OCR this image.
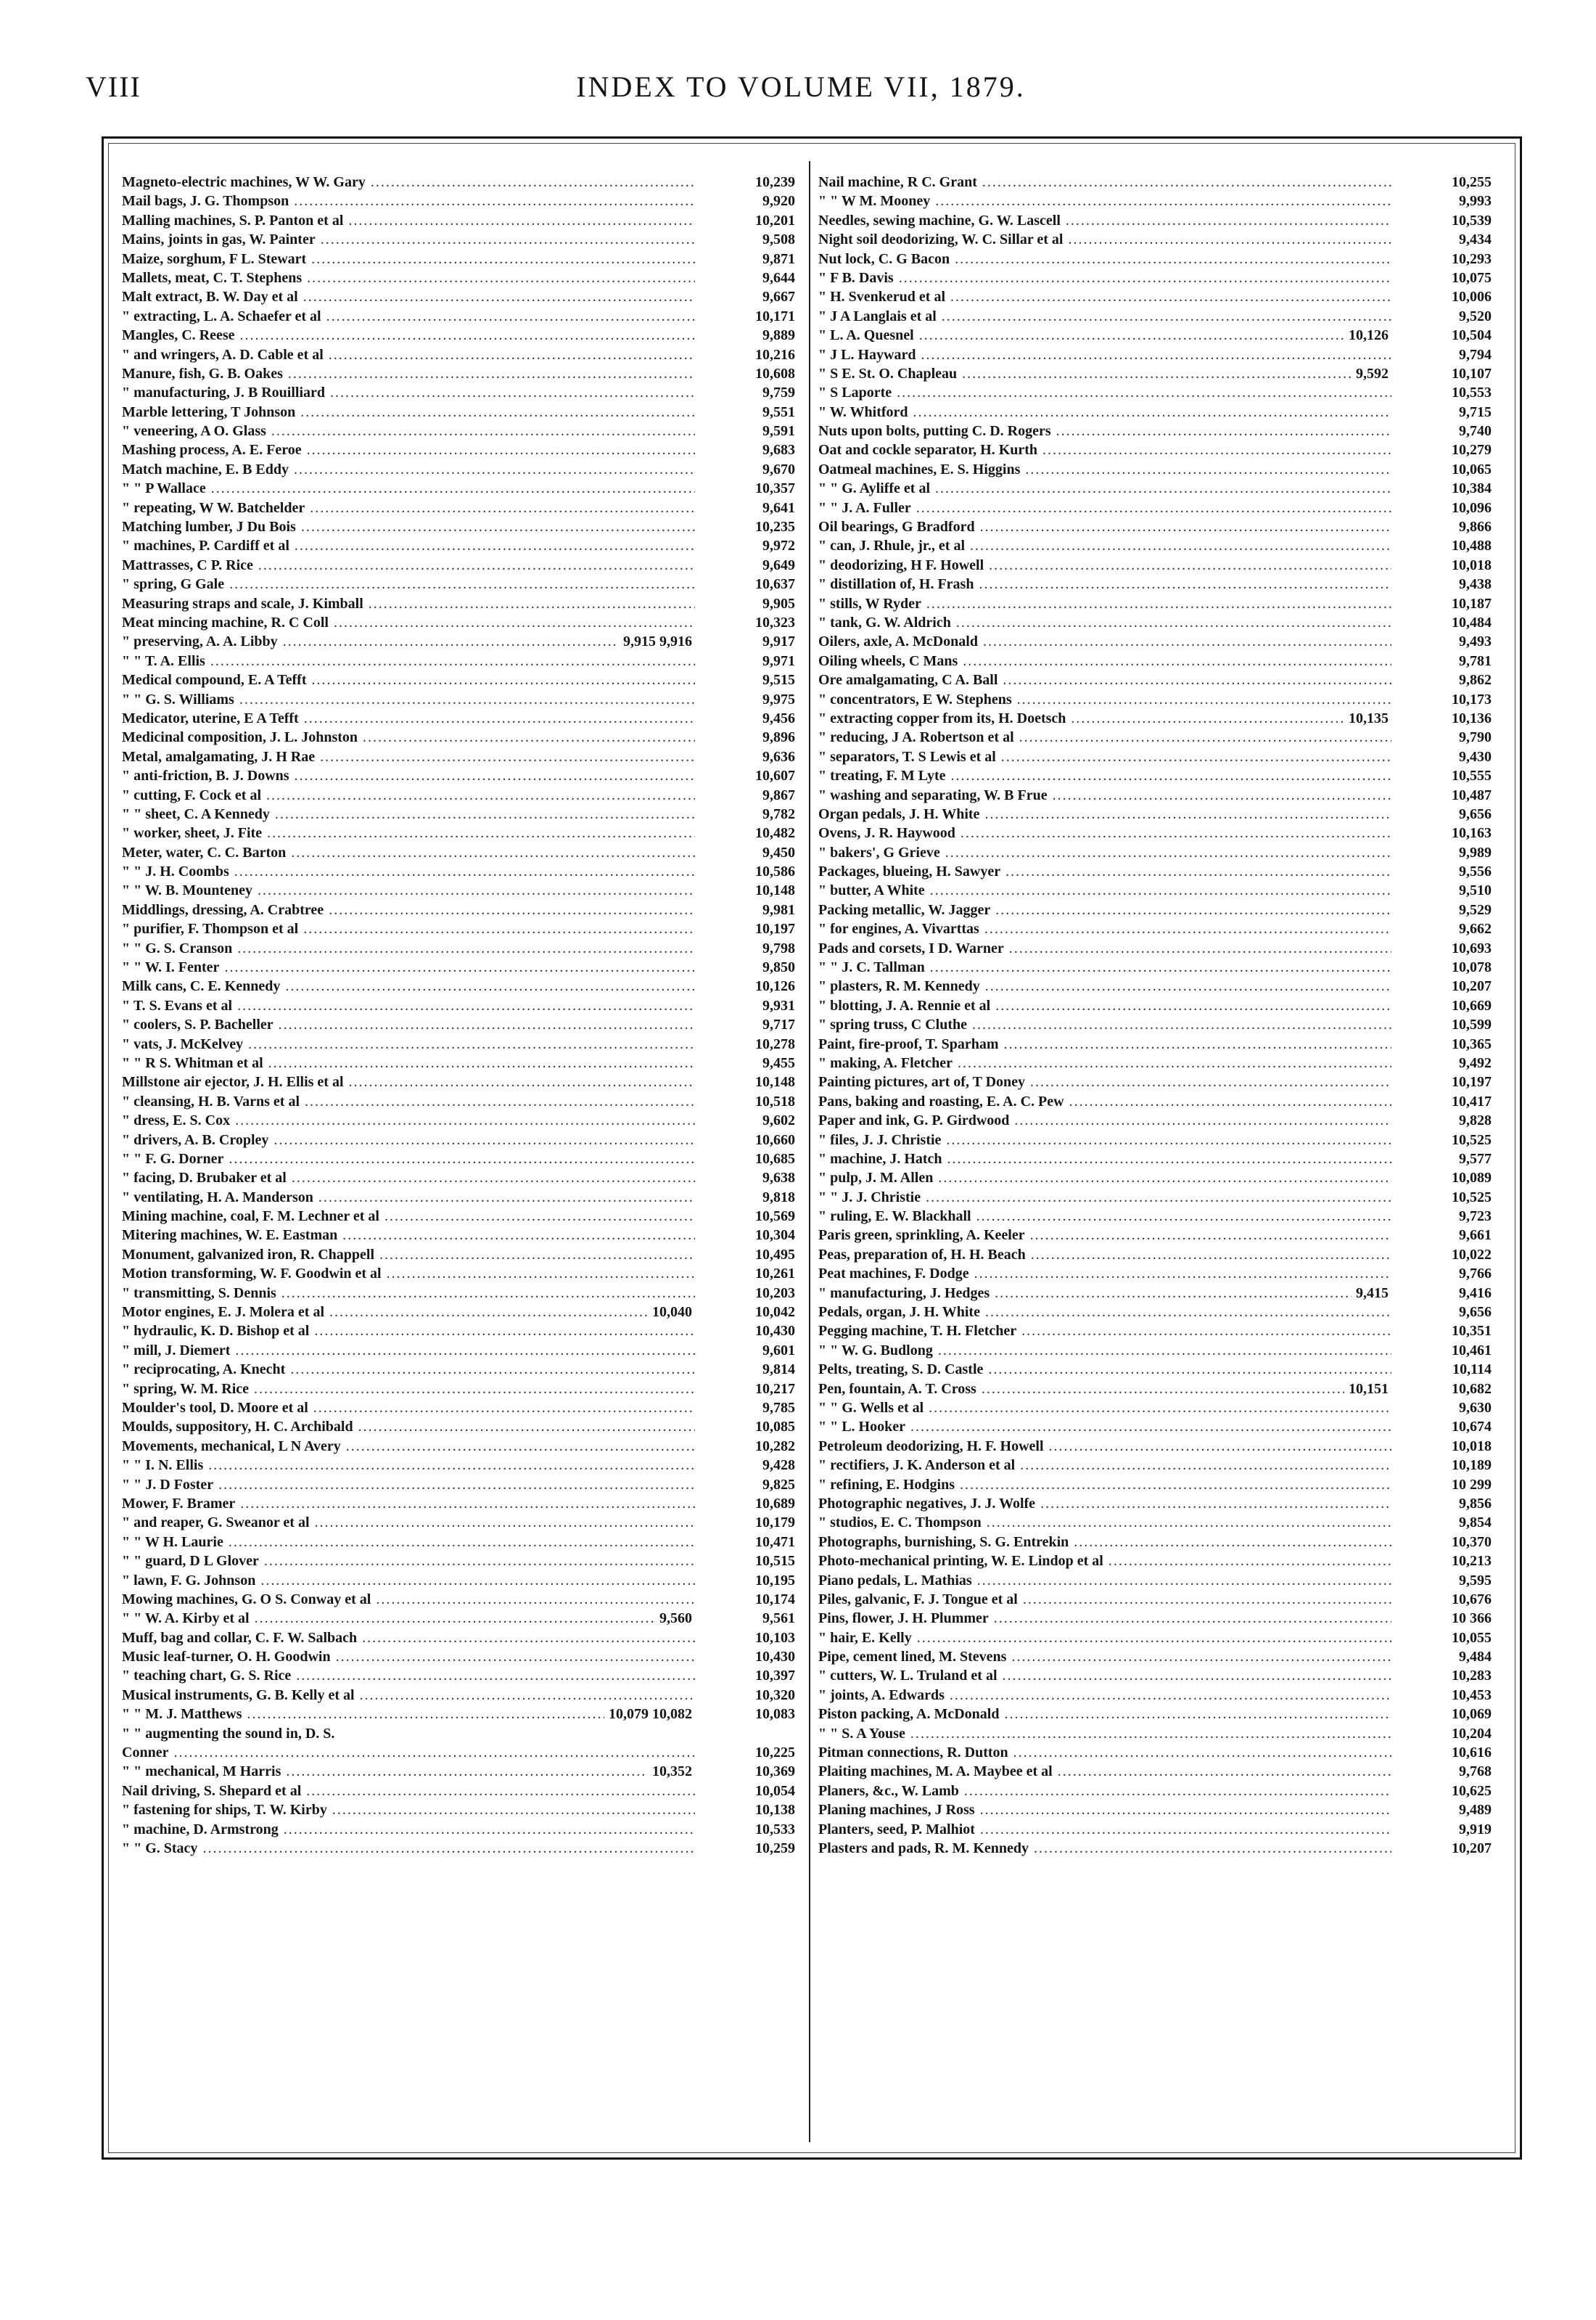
VIII	INDEX TO VOLUME VII, 1879.
Magneto-electric machines, W W. Gary .....	10,239
Mail bags, J. G. Thompson .....	9,920
Malling machines, S. P. Panton et al .....	10,201
Mains, joints in gas, W. Painter .....	9,508
Maize, sorghum, F L. Stewart .....	9,871
Mallets, meat, C. T. Stephens .....	9,644
Malt extract, B. W. Day et al .....	9,667
" extracting, L. A. Schaefer et al .....	10,171
Mangles, C. Reese .....	9,889
" and wringers, A. D. Cable et al .....	10,216
Manure, fish, G. B. Oakes .....	10,608
" manufacturing, J. B Rouilliard .....	9,759
Marble lettering, T Johnson .....	9,551
" veneering, A O. Glass .....	9,591
Mashing process, A. E. Feroe .....	9,683
Match machine, E. B Eddy .....	9,670
" " P Wallace .....	10,357
" repeating, W W. Batchelder .....	9,641
Matching lumber, J Du Bois .....	10,235
" machines, P. Cardiff et al .....	9,972
Mattrasses, C P. Rice .....	9,649
" spring, G Gale .....	10,637
Measuring straps and scale, J. Kimball .....	9,905
Meat mincing machine, R. C Coll .....	10,323
" preserving, A. A. Libby .....	9,915 9,916	9,917
" " T. A. Ellis .....	9,971
Medical compound, E. A Tefft .....	9,515
" " G. S. Williams .....	9,975
Medicator, uterine, E A Tefft .....	9,456
Medicinal composition, J. L. Johnston .....	9,896
Metal, amalgamating, J. H Rae .....	9,636
" anti-friction, B. J. Downs .....	10,607
" cutting, F. Cock et al .....	9,867
" " sheet, C. A Kennedy .....	9,782
" worker, sheet, J. Fite .....	10,482
Meter, water, C. C. Barton .....	9,450
" " J. H. Coombs .....	10,586
" " W. B. Mounteney .....	10,148
Middlings, dressing, A. Crabtree .....	9,981
" purifier, F. Thompson et al .....	10,197
" " G. S. Cranson .....	9,798
" " W. I. Fenter .....	9,850
Milk cans, C. E. Kennedy .....	10,126
" T. S. Evans et al .....	9,931
" coolers, S. P. Bacheller .....	9,717
" vats, J. McKelvey .....	10,278
" " R S. Whitman et al .....	9,455
Millstone air ejector, J. H. Ellis et al .....	10,148
" cleansing, H. B. Varns et al .....	10,518
" dress, E. S. Cox .....	9,602
" drivers, A. B. Cropley .....	10,660
" " F. G. Dorner .....	10,685
" facing, D. Brubaker et al .....	9,638
" ventilating, H. A. Manderson .....	9,818
Mining machine, coal, F. M. Lechner et al .....	10,569
Mitering machines, W. E. Eastman .....	10,304
Monument, galvanized iron, R. Chappell .....	10,495
Motion transforming, W. F. Goodwin et al .....	10,261
" transmitting, S. Dennis .....	10,203
Motor engines, E. J. Molera et al .....	10,040	10,042
" hydraulic, K. D. Bishop et al .....	10,430
" mill, J. Diemert .....	9,601
" reciprocating, A. Knecht .....	9,814
" spring, W. M. Rice .....	10,217
Moulder's tool, D. Moore et al .....	9,785
Moulds, suppository, H. C. Archibald .....	10,085
Movements, mechanical, L N Avery .....	10,282
" " I. N. Ellis .....	9,428
" " J. D Foster .....	9,825
Mower, F. Bramer .....	10,689
" and reaper, G. Sweanor et al .....	10,179
" " W H. Laurie .....	10,471
" " guard, D L Glover .....	10,515
" lawn, F. G. Johnson .....	10,195
Mowing machines, G. O S. Conway et al .....	10,174
" " W. A. Kirby et al .....	9,560	9,561
Muff, bag and collar, C. F. W. Salbach .....	10,103
Music leaf-turner, O. H. Goodwin .....	10,430
" teaching chart, G. S. Rice .....	10,397
Musical instruments, G. B. Kelly et al .....	10,320
" " M. J. Matthews .....	10,079 10,082	10,083
" " augmenting the sound in, D. S.
Conner .....	10,225
" " mechanical, M Harris .....	10,352	10,369
Nail driving, S. Shepard et al .....	10,054
" fastening for ships, T. W. Kirby .....	10,138
" machine, D. Armstrong .....	10,533
" " G. Stacy .....	10,259
Nail machine, R C. Grant .....	10,255
" " W M. Mooney .....	9,993
Needles, sewing machine, G. W. Lascell .....	10,539
Night soil deodorizing, W. C. Sillar et al .....	9,434
Nut lock, C. G Bacon .....	10,293
" F B. Davis .....	10,075
" H. Svenkerud et al .....	10,006
" J A Langlais et al .....	9,520
" L. A. Quesnel .....	10,126	10,504
" J L. Hayward .....	9,794
" S E. St. O. Chapleau .....	9,592	10,107
" S Laporte .....	10,553
" W. Whitford .....	9,715
Nuts upon bolts, putting C. D. Rogers .....	9,740
Oat and cockle separator, H. Kurth .....	10,279
Oatmeal machines, E. S. Higgins .....	10,065
" " G. Ayliffe et al .....	10,384
" " J. A. Fuller .....	10,096
Oil bearings, G Bradford .....	9,866
" can, J. Rhule, jr., et al .....	10,488
" deodorizing, H F. Howell .....	10,018
" distillation of, H. Frash .....	9,438
" stills, W Ryder .....	10,187
" tank, G. W. Aldrich .....	10,484
Oilers, axle, A. McDonald .....	9,493
Oiling wheels, C Mans .....	9,781
Ore amalgamating, C A. Ball .....	9,862
" concentrators, E W. Stephens .....	10,173
" extracting copper from its, H. Doetsch .....	10,135	10,136
" reducing, J A. Robertson et al .....	9,790
" separators, T. S Lewis et al .....	9,430
" treating, F. M Lyte .....	10,555
" washing and separating, W. B Frue .....	10,487
Organ pedals, J. H. White .....	9,656
Ovens, J. R. Haywood .....	10,163
" bakers', G Grieve .....	9,989
Packages, blueing, H. Sawyer .....	9,556
" butter, A White .....	9,510
Packing metallic, W. Jagger .....	9,529
" for engines, A. Vivarttas .....	9,662
Pads and corsets, I D. Warner .....	10,693
" " J. C. Tallman .....	10,078
" plasters, R. M. Kennedy .....	10,207
" blotting, J. A. Rennie et al .....	10,669
" spring truss, C Cluthe .....	10,599
Paint, fire-proof, T. Sparham .....	10,365
" making, A. Fletcher .....	9,492
Painting pictures, art of, T Doney .....	10,197
Pans, baking and roasting, E. A. C. Pew .....	10,417
Paper and ink, G. P. Girdwood .....	9,828
" files, J. J. Christie .....	10,525
" machine, J. Hatch .....	9,577
" pulp, J. M. Allen .....	10,089
" " J. J. Christie .....	10,525
" ruling, E. W. Blackhall .....	9,723
Paris green, sprinkling, A. Keeler .....	9,661
Peas, preparation of, H. H. Beach .....	10,022
Peat machines, F. Dodge .....	9,766
" manufacturing, J. Hedges .....	9,415	9,416
Pedals, organ, J. H. White .....	9,656
Pegging machine, T. H. Fletcher .....	10,351
" " W. G. Budlong .....	10,461
Pelts, treating, S. D. Castle .....	10,114
Pen, fountain, A. T. Cross .....	10,151	10,682
" " G. Wells et al .....	9,630
" " L. Hooker .....	10,674
Petroleum deodorizing, H. F. Howell .....	10,018
" rectifiers, J. K. Anderson et al .....	10,189
" refining, E. Hodgins .....	10 299
Photographic negatives, J. J. Wolfe .....	9,856
" studios, E. C. Thompson .....	9,854
Photographs, burnishing, S. G. Entrekin .....	10,370
Photo-mechanical printing, W. E. Lindop et al .....	10,213
Piano pedals, L. Mathias .....	9,595
Piles, galvanic, F. J. Tongue et al .....	10,676
Pins, flower, J. H. Plummer .....	10 366
" hair, E. Kelly .....	10,055
Pipe, cement lined, M. Stevens .....	9,484
" cutters, W. L. Truland et al .....	10,283
" joints, A. Edwards .....	10,453
Piston packing, A. McDonald .....	10,069
" " S. A Youse .....	10,204
Pitman connections, R. Dutton .....	10,616
Plaiting machines, M. A. Maybee et al .....	9,768
Planers, &c., W. Lamb .....	10,625
Planing machines, J Ross .....	9,489
Planters, seed, P. Malhiot .....	9,919
Plasters and pads, R. M. Kennedy .....	10,207
